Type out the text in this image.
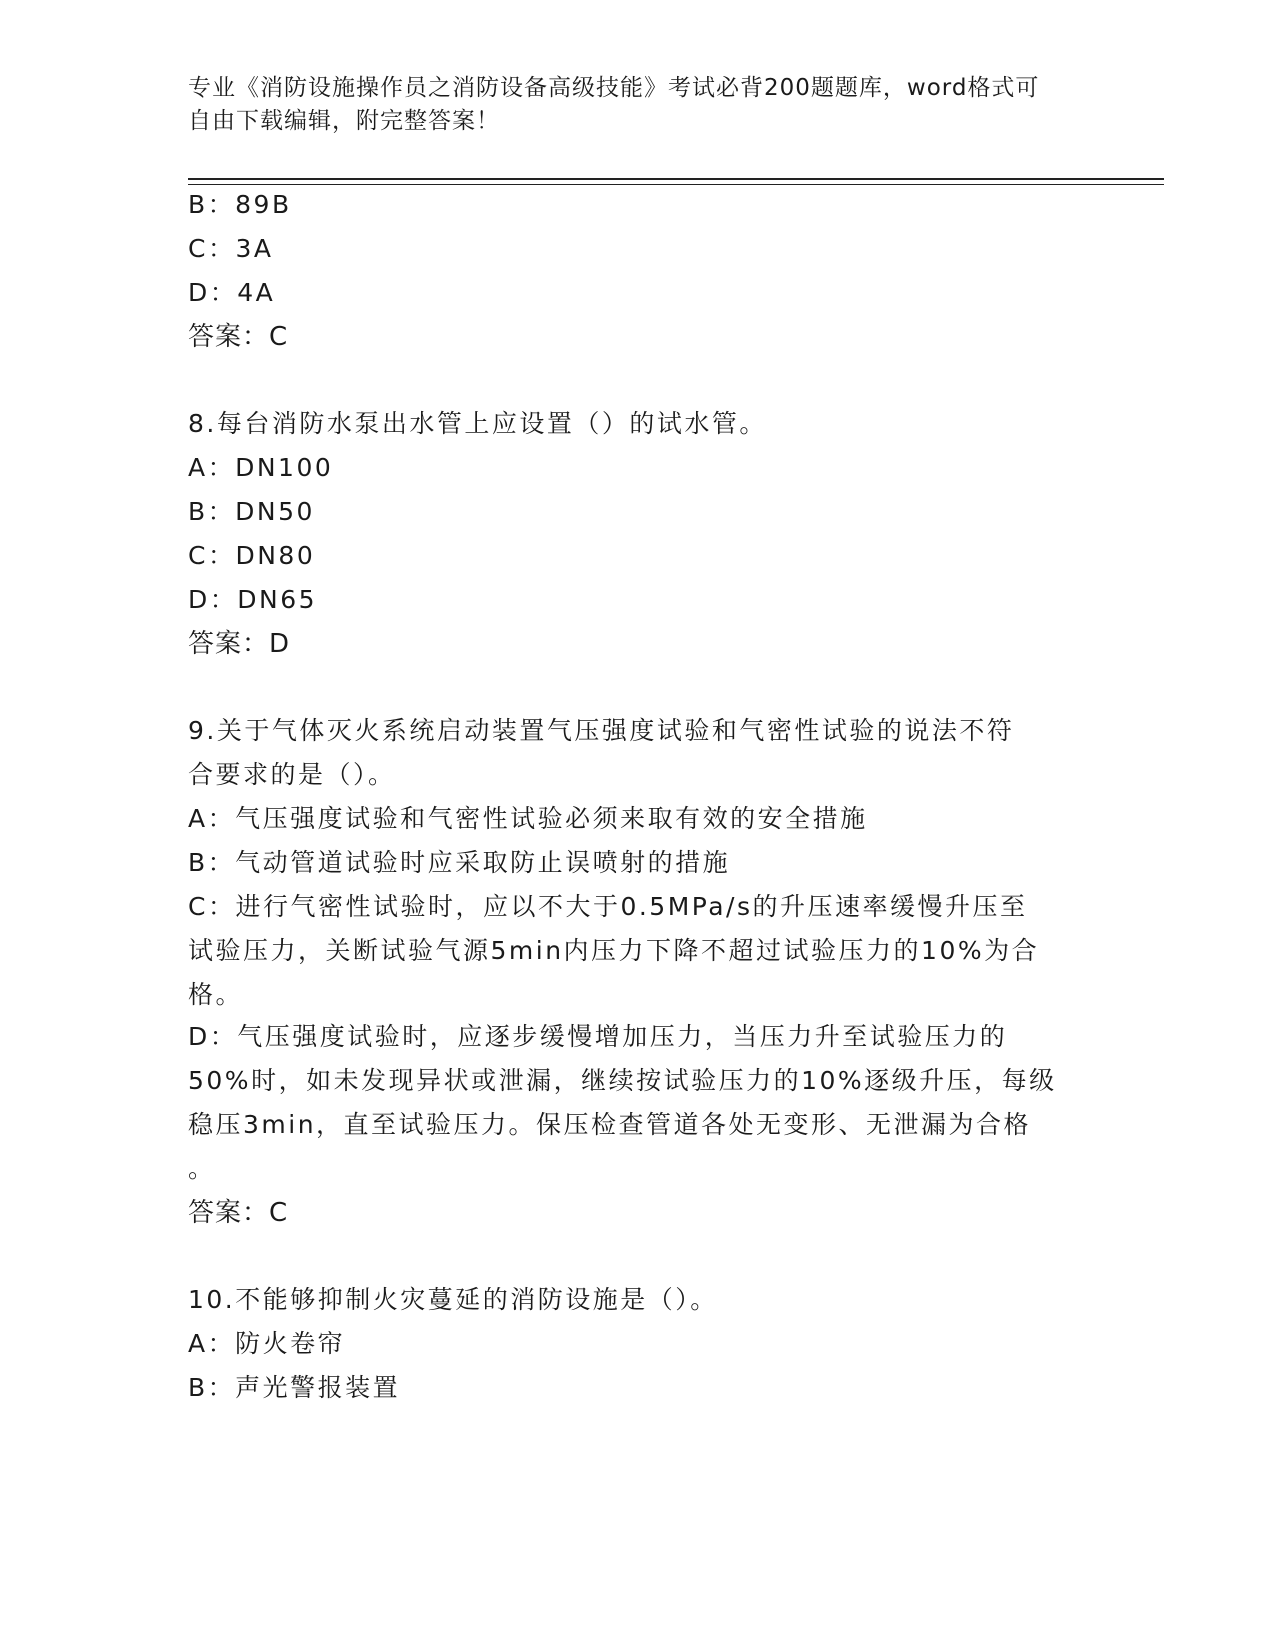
专业《消防设施操作员之消防设备高级技能》考试必背200题题库，word格式可
自由下载编辑，附完整答案！
B：89B
C：3A
D：4A
答案：C
8.每台消防水泵出水管上应设置（）的试水管。
A：DN100
B：DN50
C：DN80
D：DN65
答案：D
9.关于气体灭火系统启动装置气压强度试验和气密性试验的说法不符
合要求的是（）。
A：气压强度试验和气密性试验必须来取有效的安全措施
B：气动管道试验时应采取防止误喷射的措施
C：进行气密性试验时，应以不大于0.5MPa/s的升压速率缓慢升压至
试验压力，关断试验气源5min内压力下降不超过试验压力的10%为合
格。
D：气压强度试验时，应逐步缓慢增加压力，当压力升至试验压力的
50%时，如未发现异状或泄漏，继续按试验压力的10%逐级升压，每级
稳压3min，直至试验压力。保压检查管道各处无变形、无泄漏为合格
。
答案：C
10.不能够抑制火灾蔓延的消防设施是（）。
A：防火卷帘
B：声光警报装置
